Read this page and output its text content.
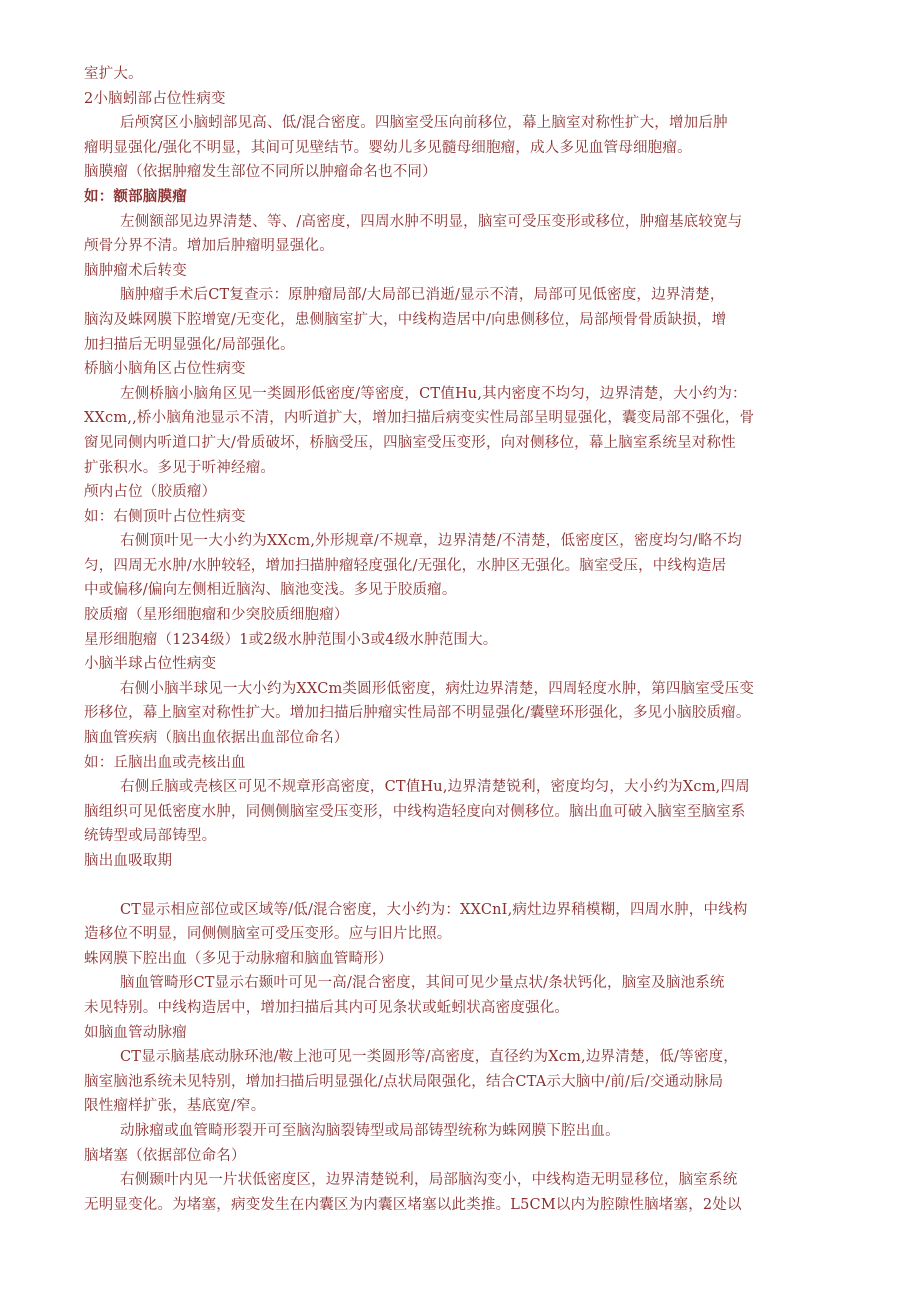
室扩大。
2小脑蚓部占位性病变
后颅窝区小脑蚓部见高、低/混合密度。四脑室受压向前移位，幕上脑室对称性扩大，增加后肿
瘤明显强化/强化不明显，其间可见壁结节。婴幼儿多见髓母细胞瘤，成人多见血管母细胞瘤。
脑膜瘤（依据肿瘤发生部位不同所以肿瘤命名也不同）
如：额部脑膜瘤
左侧额部见边界清楚、等、/高密度，四周水肿不明显，脑室可受压变形或移位，肿瘤基底较宽与
颅骨分界不清。增加后肿瘤明显强化。
脑肿瘤术后转变
脑肿瘤手术后CT复查示：原肿瘤局部/大局部已消逝/显示不清，局部可见低密度，边界清楚，
脑沟及蛛网膜下腔增宽/无变化，患侧脑室扩大，中线构造居中/向患侧移位，局部颅骨骨质缺损，增
加扫描后无明显强化/局部强化。
桥脑小脑角区占位性病变
左侧桥脑小脑角区见一类圆形低密度/等密度，CT值Hu,其内密度不均匀，边界清楚，大小约为：
XXcm,,桥小脑角池显示不清，内听道扩大，增加扫描后病变实性局部呈明显强化，囊变局部不强化，骨
窗见同侧内听道口扩大/骨质破坏，桥脑受压，四脑室受压变形，向对侧移位，幕上脑室系统呈对称性
扩张积水。多见于听神经瘤。
颅内占位（胶质瘤）
如：右侧顶叶占位性病变
右侧顶叶见一大小约为XXcm,外形规章/不规章，边界清楚/不清楚，低密度区，密度均匀/略不均
匀，四周无水肿/水肿较轻，增加扫描肿瘤轻度强化/无强化，水肿区无强化。脑室受压，中线构造居
中或偏移/偏向左侧相近脑沟、脑池变浅。多见于胶质瘤。
胶质瘤（星形细胞瘤和少突胶质细胞瘤）
星形细胞瘤（1234级）1或2级水肿范围小3或4级水肿范围大。
小脑半球占位性病变
右侧小脑半球见一大小约为XXCm类圆形低密度，病灶边界清楚，四周轻度水肿，第四脑室受压变
形移位，幕上脑室对称性扩大。增加扫描后肿瘤实性局部不明显强化/囊壁环形强化，多见小脑胶质瘤。
脑血管疾病（脑出血依据出血部位命名）
如：丘脑出血或壳核出血
右侧丘脑或壳核区可见不规章形高密度，CT值Hu,边界清楚锐利，密度均匀，大小约为Xcm,四周
脑组织可见低密度水肿，同侧侧脑室受压变形，中线构造轻度向对侧移位。脑出血可破入脑室至脑室系
统铸型或局部铸型。
脑出血吸取期
CT显示相应部位或区域等/低/混合密度，大小约为：XXCnI,病灶边界稍模糊，四周水肿，中线构
造移位不明显，同侧侧脑室可受压变形。应与旧片比照。
蛛网膜下腔出血（多见于动脉瘤和脑血管畸形）
脑血管畸形CT显示右颞叶可见一高/混合密度，其间可见少量点状/条状钙化，脑室及脑池系统
未见特别。中线构造居中，增加扫描后其内可见条状或蚯蚓状高密度强化。
如脑血管动脉瘤
CT显示脑基底动脉环池/鞍上池可见一类圆形等/高密度，直径约为Xcm,边界清楚，低/等密度，
脑室脑池系统未见特别，增加扫描后明显强化/点状局限强化，结合CTA示大脑中/前/后/交通动脉局
限性瘤样扩张，基底宽/窄。
动脉瘤或血管畸形裂开可至脑沟脑裂铸型或局部铸型统称为蛛网膜下腔出血。
脑堵塞（依据部位命名）
右侧颞叶内见一片状低密度区，边界清楚锐利，局部脑沟变小，中线构造无明显移位，脑室系统
无明显变化。为堵塞，病变发生在内囊区为内囊区堵塞以此类推。L5CM以内为腔隙性脑堵塞，2处以
